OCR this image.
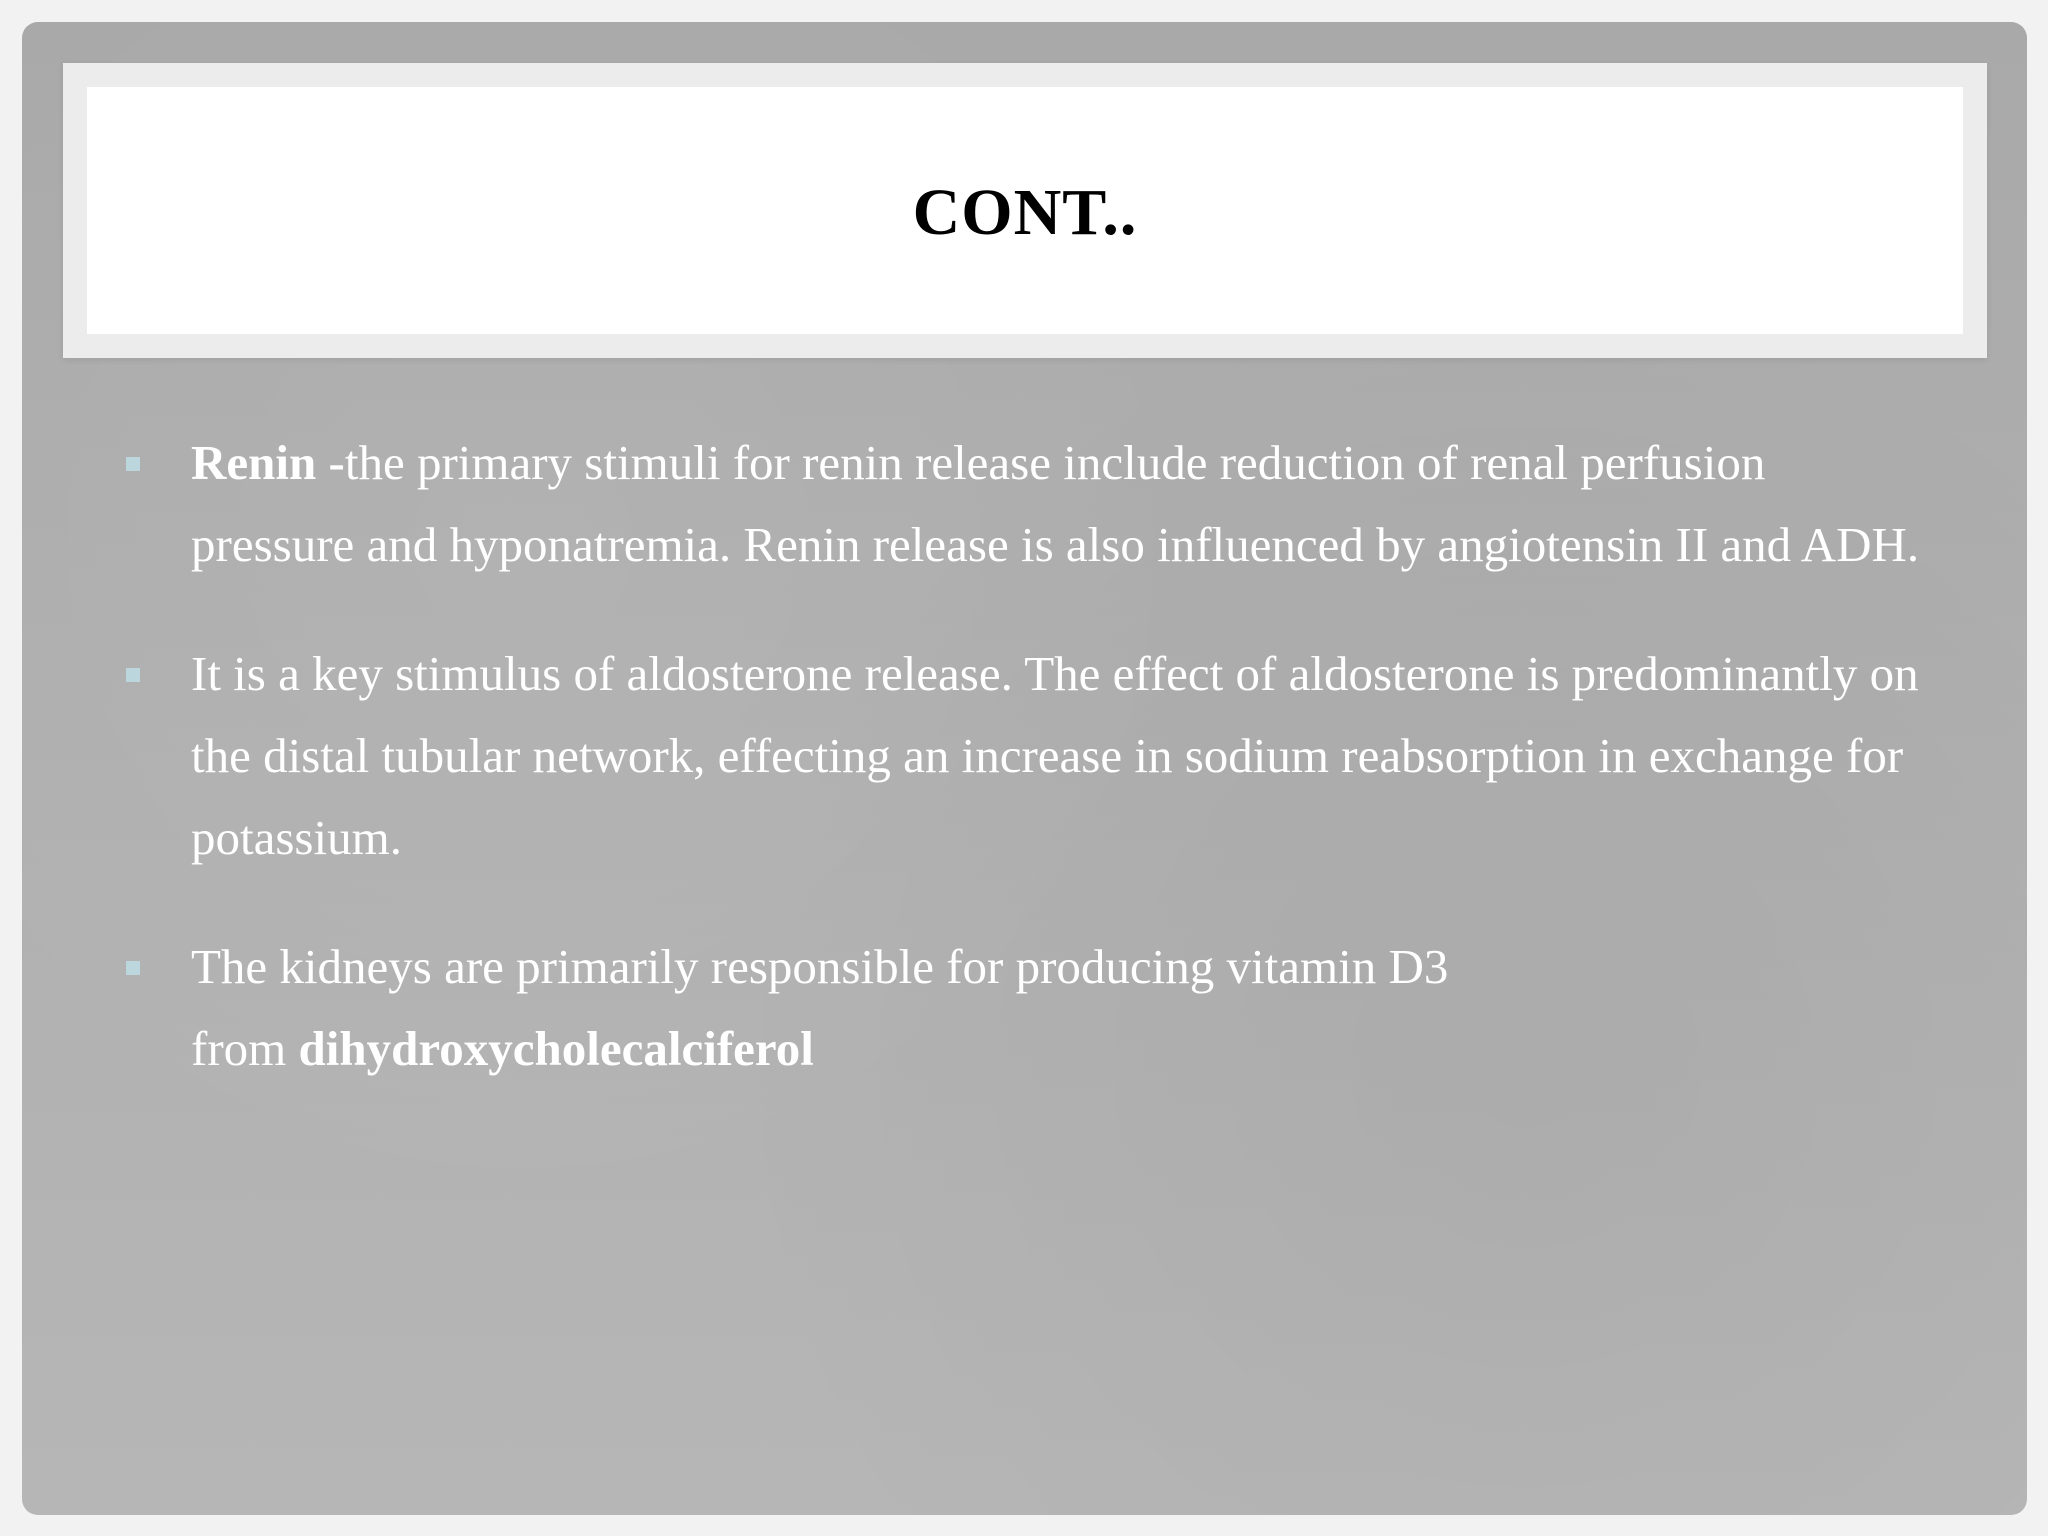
CONT..
Renin -the primary stimuli for renin release include reduction of renal perfusion pressure and hyponatremia. Renin release is also influenced by angiotensin II and ADH.
It is a key stimulus of aldosterone release. The effect of aldosterone is predominantly on the distal tubular network, effecting an increase in sodium reabsorption in exchange for potassium.
The kidneys are primarily responsible for producing vitamin D3
from dihydroxycholecalciferol
